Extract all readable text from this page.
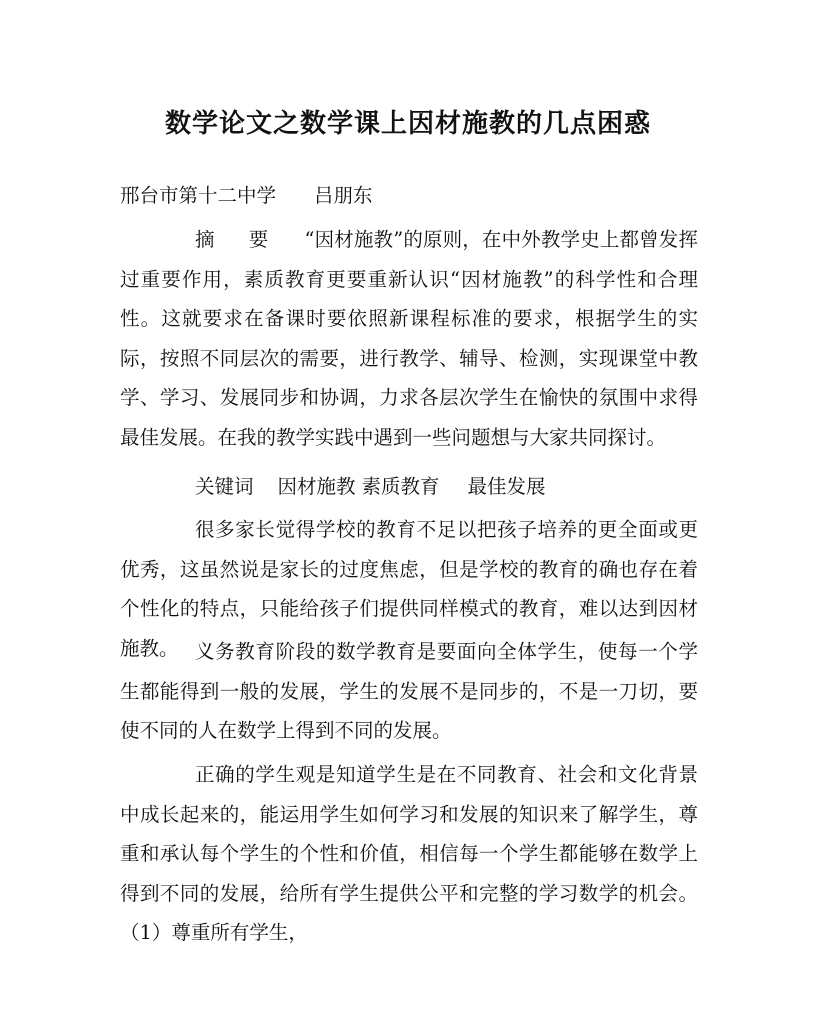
数学论文之数学课上因材施教的几点困惑
邢台市第十二中学 吕朋东
摘 要 “因材施教”的原则，在中外教学史上都曾发挥过重要作用，素质教育更要重新认识“因材施教”的科学性和合理性。这就要求在备课时要依照新课程标准的要求，根据学生的实际，按照不同层次的需要，进行教学、辅导、检测，实现课堂中教学、学习、发展同步和协调，力求各层次学生在愉快的氛围中求得最佳发展。在我的教学实践中遇到一些问题想与大家共同探讨。
关键词 因材施教 素质教育 最佳发展
很多家长觉得学校的教育不足以把孩子培养的更全面或更优秀，这虽然说是家长的过度焦虑，但是学校的教育的确也存在着个性化的特点，只能给孩子们提供同样模式的教育，难以达到因材施教。 义务教育阶段的数学教育是要面向全体学生，使每一个学生都能得到一般的发展，学生的发展不是同步的，不是一刀切，要使不同的人在数学上得到不同的发展。
正确的学生观是知道学生是在不同教育、社会和文化背景中成长起来的，能运用学生如何学习和发展的知识来了解学生，尊重和承认每个学生的个性和价值，相信每一个学生都能够在数学上得到不同的发展，给所有学生提供公平和完整的学习数学的机会。（1）尊重所有学生，
